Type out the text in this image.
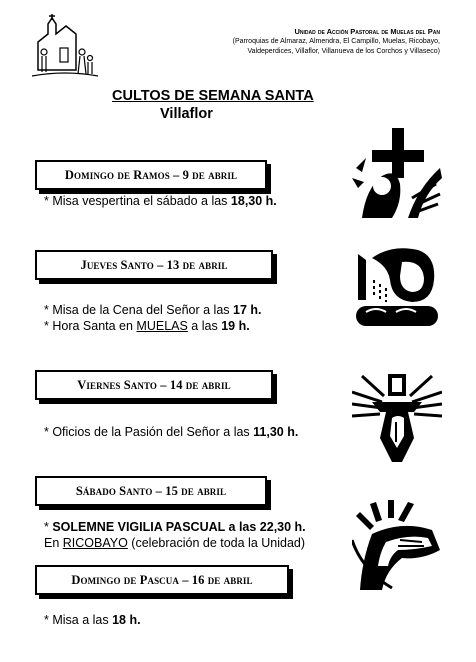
Unidad de Acción Pastoral de Muelas del Pan
(Parroquias de Almaraz, Almendra, El Campillo, Muelas, Ricobayo,
Valdeperdices, Villaflor, Villanueva de los Corchos y Villaseco)
CULTOS DE SEMANA SANTA
Villaflor
Domingo de Ramos – 9 de abril
* Misa vespertina el sábado a las 18,30 h.
Jueves Santo – 13 de abril
* Misa de la Cena del Señor a las 17 h.
* Hora Santa en MUELAS a las 19 h.
Viernes Santo – 14 de abril
* Oficios de la Pasión del Señor a las 11,30 h.
Sábado Santo – 15 de abril
* SOLEMNE VIGILIA PASCUAL a las 22,30 h.
En RICOBAYO (celebración de toda la Unidad)
Domingo de Pascua – 16 de abril
* Misa a las 18 h.
